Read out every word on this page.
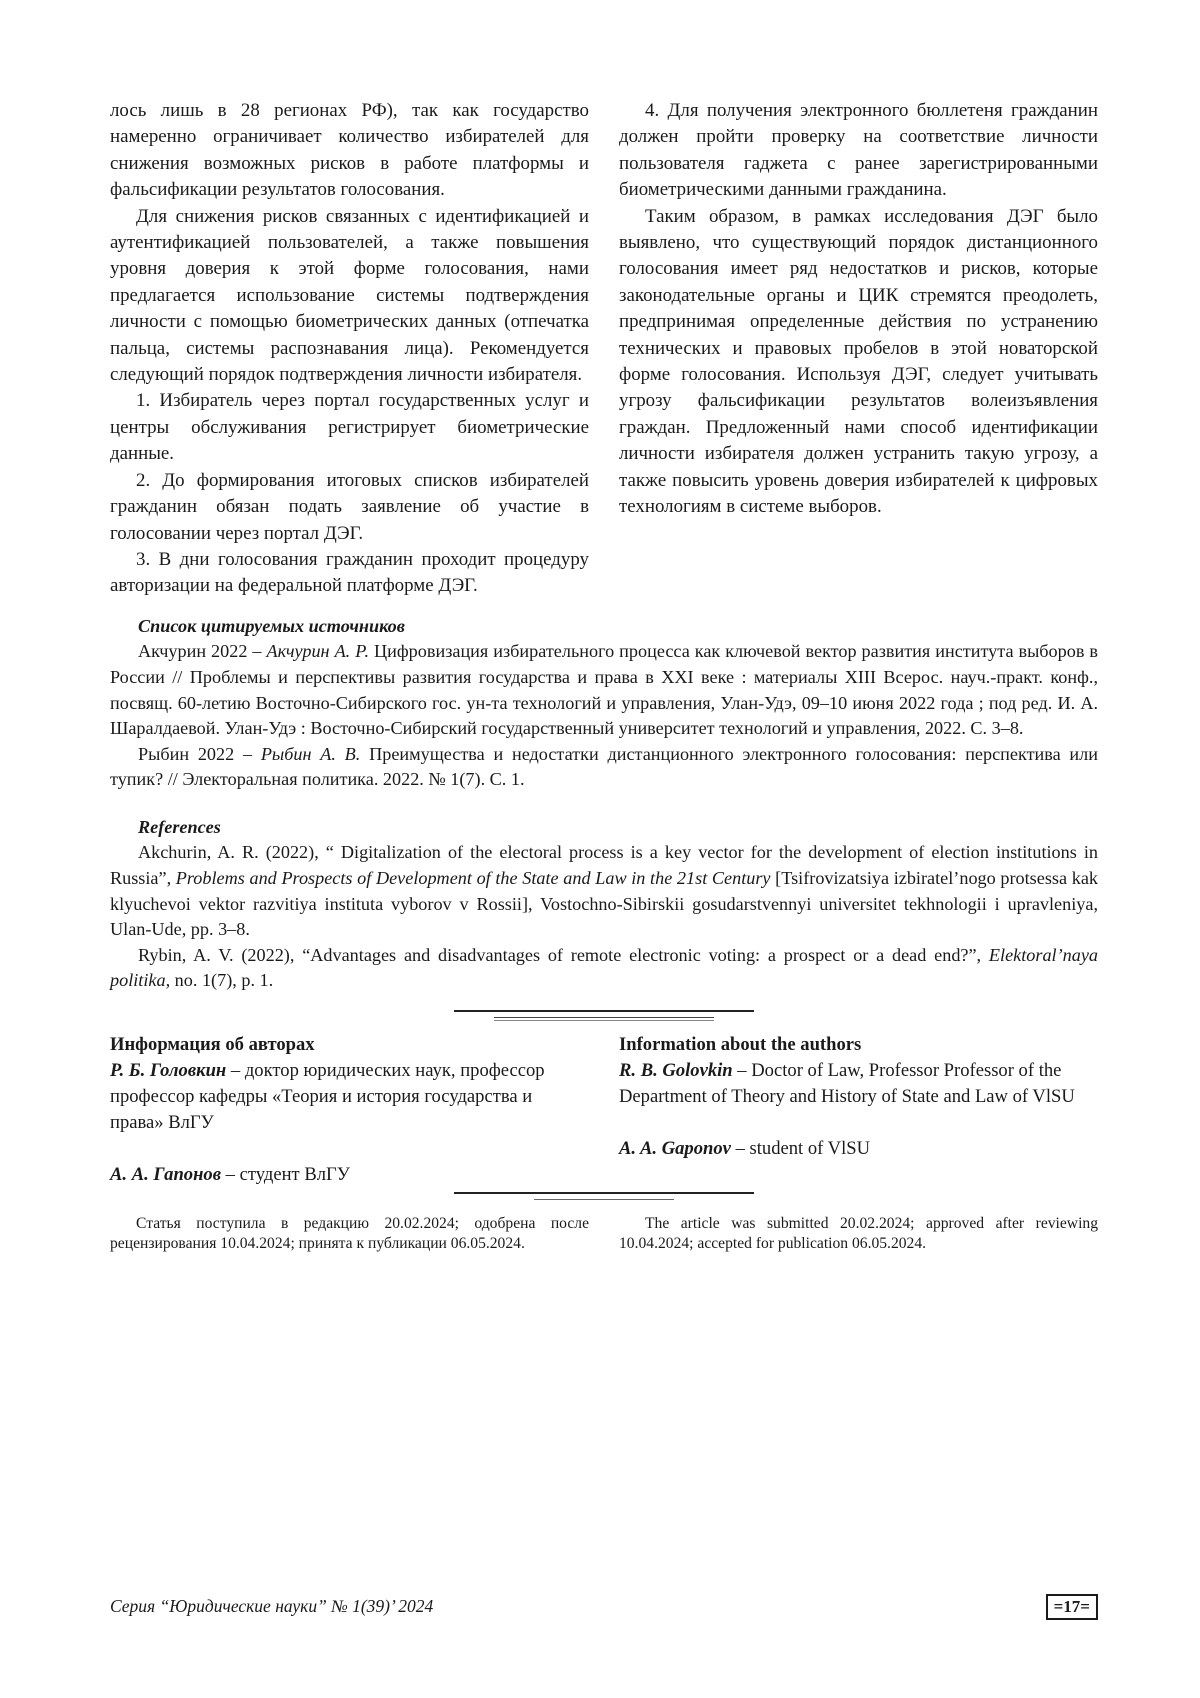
лось лишь в 28 регионах РФ), так как государство намеренно ограничивает количество избирателей для снижения возможных рисков в работе платформы и фальсификации результатов голосования.

Для снижения рисков связанных с идентификацией и аутентификацией пользователей, а также повышения уровня доверия к этой форме голосования, нами предлагается использование системы подтверждения личности с помощью биометрических данных (отпечатка пальца, системы распознавания лица). Рекомендуется следующий порядок подтверждения личности избирателя.

1. Избиратель через портал государственных услуг и центры обслуживания регистрирует биометрические данные.

2. До формирования итоговых списков избирателей гражданин обязан подать заявление об участие в голосовании через портал ДЭГ.

3. В дни голосования гражданин проходит процедуру авторизации на федеральной платформе ДЭГ.

4. Для получения электронного бюллетеня гражданин должен пройти проверку на соответствие личности пользователя гаджета с ранее зарегистрированными биометрическими данными гражданина.

Таким образом, в рамках исследования ДЭГ было выявлено, что существующий порядок дистанционного голосования имеет ряд недостатков и рисков, которые законодательные органы и ЦИК стремятся преодолеть, предпринимая определенные действия по устранению технических и правовых пробелов в этой новаторской форме голосования. Используя ДЭГ, следует учитывать угрозу фальсификации результатов волеизъявления граждан. Предложенный нами способ идентификации личности избирателя должен устранить такую угрозу, а также повысить уровень доверия избирателей к цифровых технологиям в системе выборов.

Список цитируемых источников

Акчурин 2022 – Акчурин А. Р. Цифровизация избирательного процесса как ключевой вектор развития института выборов в России // Проблемы и перспективы развития государства и права в XXI веке : материалы XIII Всерос. науч.-практ. конф., посвящ. 60-летию Восточно-Сибирского гос. ун-та технологий и управления, Улан-Удэ, 09–10 июня 2022 года ; под ред. И. А. Шаралдаевой. Улан-Удэ : Восточно-Сибирский государственный университет технологий и управления, 2022. С. 3–8.

Рыбин 2022 – Рыбин А. В. Преимущества и недостатки дистанционного электронного голосования: перспектива или тупик? // Электоральная политика. 2022. № 1(7). С. 1.

References

Akchurin, A. R. (2022), “ Digitalization of the electoral process is a key vector for the development of election institutions in Russia”, Problems and Prospects of Development of the State and Law in the 21st Century [Tsifrovizatsiya izbiratel’nogo protsessa kak klyuchevoi vektor razvitiya instituta vyborov v Rossii], Vostochno-Sibirskii gosudarstvennyi universitet tekhnologii i upravleniya, Ulan-Ude, pp. 3–8.

Rybin, A. V. (2022), “Advantages and disadvantages of remote electronic voting: a prospect or a dead end?”, Elektoral’naya politika, no. 1(7), p. 1.

Информация об авторах

Р. Б. Головкин – доктор юридических наук, профессор профессор кафедры «Теория и история государства и права» ВлГУ

А. А. Гапонов – студент ВлГУ

Information about the authors

R. B. Golovkin – Doctor of Law, Professor Professor of the Department of Theory and History of State and Law of VlSU

A. A. Gaponov – student of VlSU

Статья поступила в редакцию 20.02.2024; одобрена после рецензирования 10.04.2024; принята к публикации 06.05.2024.

The article was submitted 20.02.2024; approved after reviewing 10.04.2024; accepted for publication 06.05.2024.

Серия “Юридические науки” № 1(39)’ 2024	=17=
